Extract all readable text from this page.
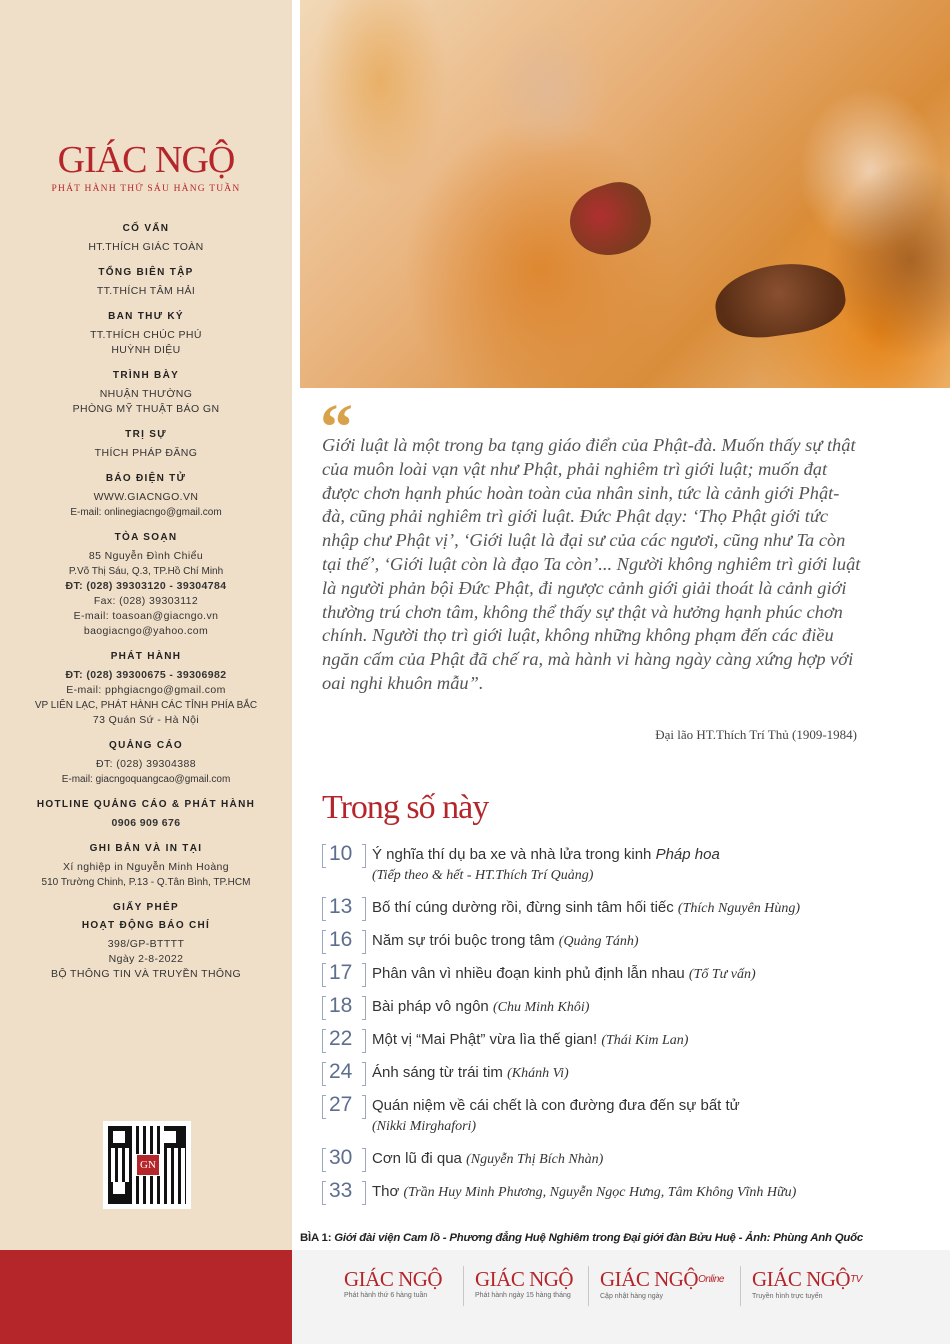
GIÁC NGỘ
PHÁT HÀNH THỨ SÁU HÀNG TUẦN
CỐ VẤN
HT.THÍCH GIÁC TOÀN
TỔNG BIÊN TẬP
TT.THÍCH TÂM HẢI
BAN THƯ KÝ
TT.THÍCH CHÚC PHÚ
HUỲNH DIỆU
TRÌNH BÀY
NHUẬN THƯỜNG
PHÒNG MỸ THUẬT BÁO GN
TRỊ SỰ
THÍCH PHÁP ĐĂNG
BÁO ĐIỆN TỬ
WWW.GIACNGO.VN
E-mail: onlinegiacngo@gmail.com
TÒA SOẠN
85 Nguyễn Đình Chiểu
P.Võ Thị Sáu, Q.3, TP.Hồ Chí Minh
ĐT: (028) 39303120 - 39304784
Fax: (028) 39303112
E-mail: toasoan@giacngo.vn
baogiacngo@yahoo.com
PHÁT HÀNH
ĐT: (028) 39300675 - 39306982
E-mail: pphgiacngo@gmail.com
VP LIÊN LẠC, PHÁT HÀNH CÁC TỈNH PHÍA BẮC
73 Quán Sứ - Hà Nội
QUẢNG CÁO
ĐT: (028) 39304388
E-mail: giacngoquangcao@gmail.com
HOTLINE QUẢNG CÁO & PHÁT HÀNH
0906 909 676
GHI BẢN VÀ IN TẠI
Xí nghiệp in Nguyễn Minh Hoàng
510 Trường Chinh, P.13 - Q.Tân Bình, TP.HCM
GIẤY PHÉP
HOẠT ĐỘNG BÁO CHÍ
398/GP-BTTTT
Ngày 2-8-2022
BỘ THÔNG TIN VÀ TRUYỀN THÔNG
GN
“
Giới luật là một trong ba tạng giáo điển của Phật-đà. Muốn thấy sự thật của muôn loài vạn vật như Phật, phải nghiêm trì giới luật; muốn đạt được chơn hạnh phúc hoàn toàn của nhân sinh, tức là cảnh giới Phật-đà, cũng phải nghiêm trì giới luật. Đức Phật dạy: ‘Thọ Phật giới tức nhập chư Phật vị’, ‘Giới luật là đại sư của các ngươi, cũng như Ta còn tại thế’, ‘Giới luật còn là đạo Ta còn’... Người không nghiêm trì giới luật là người phản bội Đức Phật, đi ngược cảnh giới giải thoát là cảnh giới thường trú chơn tâm, không thể thấy sự thật và hưởng hạnh phúc chơn chính. Người thọ trì giới luật, không những không phạm đến các điều ngăn cấm của Phật đã chế ra, mà hành vi hàng ngày càng xứng hợp với oai nghi khuôn mẫu”.
Đại lão HT.Thích Trí Thủ (1909-1984)
Trong số này
10	Ý nghĩa thí dụ ba xe và nhà lửa trong kinh Pháp hoa
(Tiếp theo & hết - HT.Thích Trí Quảng)
13	Bố thí cúng dường rồi, đừng sinh tâm hối tiếc (Thích Nguyên Hùng)
16	Năm sự trói buộc trong tâm (Quảng Tánh)
17	Phân vân vì nhiều đoạn kinh phủ định lẫn nhau (Tổ Tư vấn)
18	Bài pháp vô ngôn (Chu Minh Khôi)
22	Một vị “Mai Phật” vừa lìa thế gian! (Thái Kim Lan)
24	Ánh sáng từ trái tim (Khánh Vi)
27	Quán niệm về cái chết là con đường đưa đến sự bất tử
(Nikki Mirghafori)
30	Cơn lũ đi qua (Nguyễn Thị Bích Nhàn)
33	Thơ (Trần Huy Minh Phương, Nguyễn Ngọc Hưng, Tâm Không Vĩnh Hữu)
BÌA 1: Giới đài viện Cam lồ - Phương đẳng Huệ Nghiêm trong Đại giới đàn Bửu Huệ - Ảnh: Phùng Anh Quốc
GIÁC NGỘ
Phát hành thứ 6 hàng tuần
GIÁC NGỘ
Phát hành ngày 15 hàng tháng
GIÁC NGỘ$^{Online}$
Cập nhật hàng ngày
GIÁC NGỘ$^{TV}$
Truyền hình trực tuyến
